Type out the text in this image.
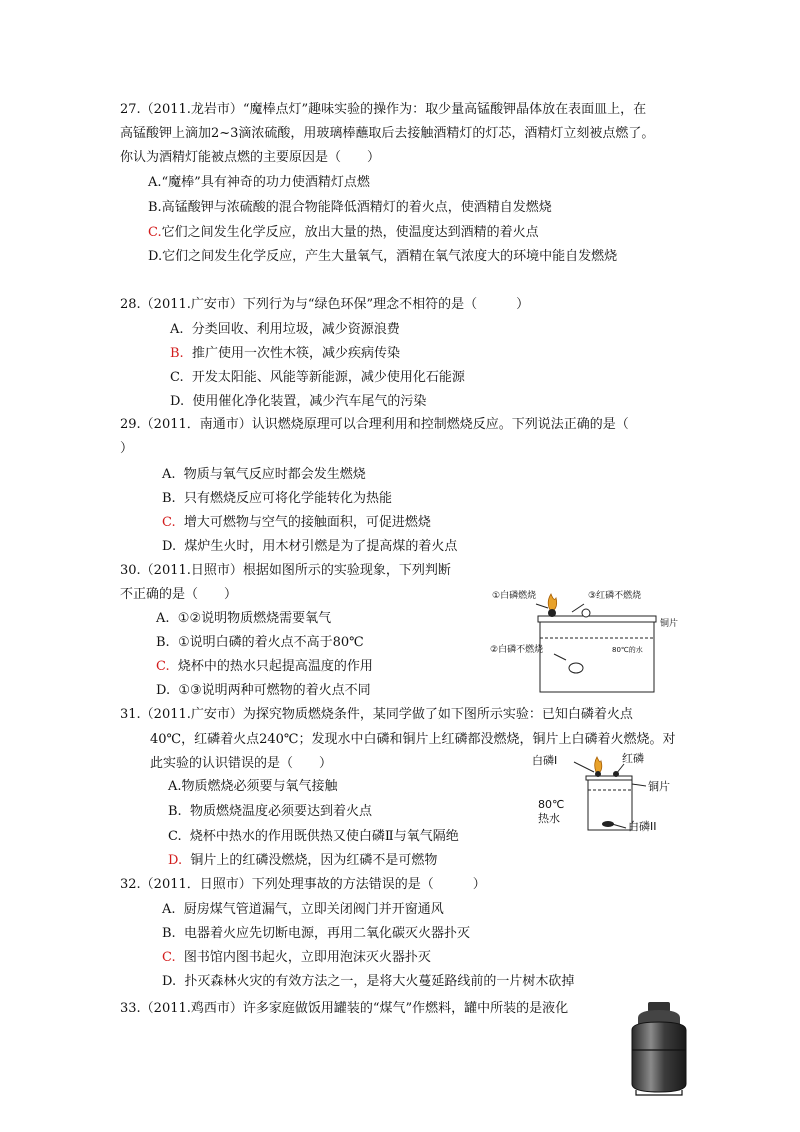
27.（2011.龙岩市）“魔棒点灯”趣味实验的操作为：取少量高锰酸钾晶体放在表面皿上，在
高锰酸钾上滴加2~3滴浓硫酸，用玻璃棒蘸取后去接触酒精灯的灯芯，酒精灯立刻被点燃了。
你认为酒精灯能被点燃的主要原因是（　　）
A.“魔棒”具有神奇的功力使酒精灯点燃
B.高锰酸钾与浓硫酸的混合物能降低酒精灯的着火点，使酒精自发燃烧
C.它们之间发生化学反应，放出大量的热，使温度达到酒精的着火点
D.它们之间发生化学反应，产生大量氧气，酒精在氧气浓度大的环境中能自发燃烧
28.（2011.广安市）下列行为与“绿色环保”理念不相符的是（　　　）
A. 分类回收、利用垃圾，减少资源浪费
B. 推广使用一次性木筷，减少疾病传染
C. 开发太阳能、风能等新能源，减少使用化石能源
D. 使用催化净化装置，减少汽车尾气的污染
29.（2011．南通市）认识燃烧原理可以合理利用和控制燃烧反应。下列说法正确的是（
）
A. 物质与氧气反应时都会发生燃烧
B. 只有燃烧反应可将化学能转化为热能
C. 增大可燃物与空气的接触面积，可促进燃烧
D. 煤炉生火时，用木材引燃是为了提高煤的着火点
30.（2011.日照市）根据如图所示的实验现象，下列判断
不正确的是（　　）
A. ①②说明物质燃烧需要氧气
B. ①说明白磷的着火点不高于80℃
C. 烧杯中的热水只起提高温度的作用
D. ①③说明两种可燃物的着火点不同
①白磷燃烧	③红磷不燃烧
铜片
②白磷不燃烧	80℃的水
31.（2011.广安市）为探究物质燃烧条件，某同学做了如下图所示实验：已知白磷着火点
40℃，红磷着火点240℃；发现水中白磷和铜片上红磷都没燃烧，铜片上白磷着火燃烧。对
此实验的认识错误的是（　　）
A.物质燃烧必须要与氧气接触
B. 物质燃烧温度必须要达到着火点
C. 烧杯中热水的作用既供热又使白磷Ⅱ与氧气隔绝
D. 铜片上的红磷没燃烧，因为红磷不是可燃物
白磷I	红磷
铜片
80℃
热水
白磷II
32.（2011．日照市）下列处理事故的方法错误的是（　　　）
A. 厨房煤气管道漏气，立即关闭阀门并开窗通风
B. 电器着火应先切断电源，再用二氧化碳灭火器扑灭
C. 图书馆内图书起火，立即用泡沫灭火器扑灭
D. 扑灭森林火灾的有效方法之一，是将大火蔓延路线前的一片树木砍掉
33.（2011.鸡西市）许多家庭做饭用罐装的“煤气”作燃料，罐中所装的是液化
